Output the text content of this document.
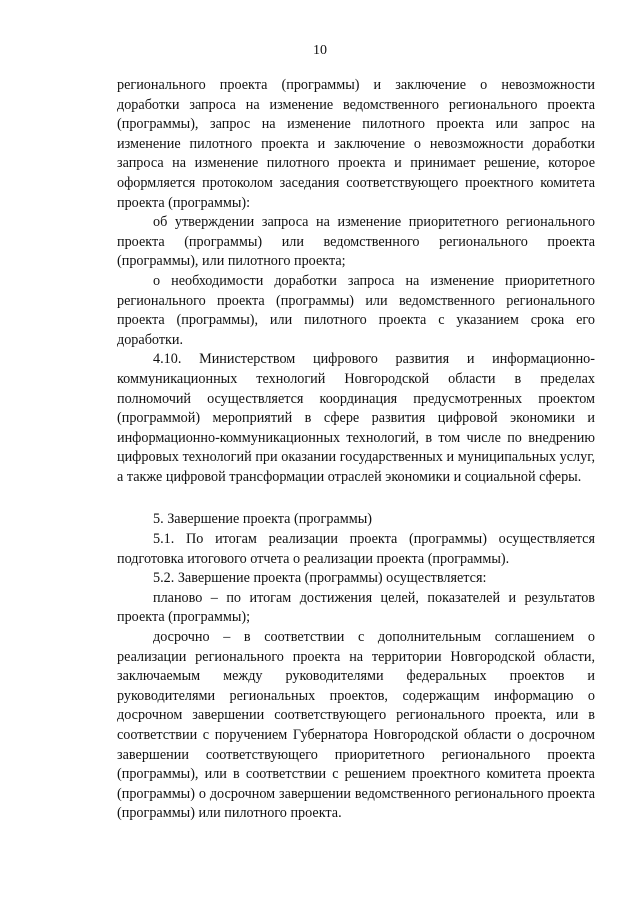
10

регионального проекта (программы) и заключение о невозможности доработки запроса на изменение ведомственного регионального проекта (программы), запрос на изменение пилотного проекта или запрос на изменение пилотного проекта и заключение о невозможности доработки запроса на изменение пилотного проекта и принимает решение, которое оформляется протоколом заседания соответствующего проектного комитета проекта (программы):

об утверждении запроса на изменение приоритетного регионального проекта (программы) или ведомственного регионального проекта (программы), или пилотного проекта;

о необходимости доработки запроса на изменение приоритетного регионального проекта (программы) или ведомственного регионального проекта (программы), или пилотного проекта с указанием срока его доработки.

4.10. Министерством цифрового развития и информационно-коммуникационных технологий Новгородской области в пределах полномочий осуществляется координация предусмотренных проектом (программой) мероприятий в сфере развития цифровой экономики и информационно-коммуникационных технологий, в том числе по внедрению цифровых технологий при оказании государственных и муниципальных услуг, а также цифровой трансформации отраслей экономики и социальной сферы.

5. Завершение проекта (программы)

5.1. По итогам реализации проекта (программы) осуществляется подготовка итогового отчета о реализации проекта (программы).

5.2. Завершение проекта (программы) осуществляется:

планово – по итогам достижения целей, показателей и результатов проекта (программы);

досрочно – в соответствии с дополнительным соглашением о реализации регионального проекта на территории Новгородской области, заключаемым между руководителями федеральных проектов и руководителями региональных проектов, содержащим информацию о досрочном завершении соответствующего регионального проекта, или в соответствии с поручением Губернатора Новгородской области о досрочном завершении соответствующего приоритетного регионального проекта (программы), или в соответствии с решением проектного комитета проекта (программы) о досрочном завершении ведомственного регионального проекта (программы) или пилотного проекта.
